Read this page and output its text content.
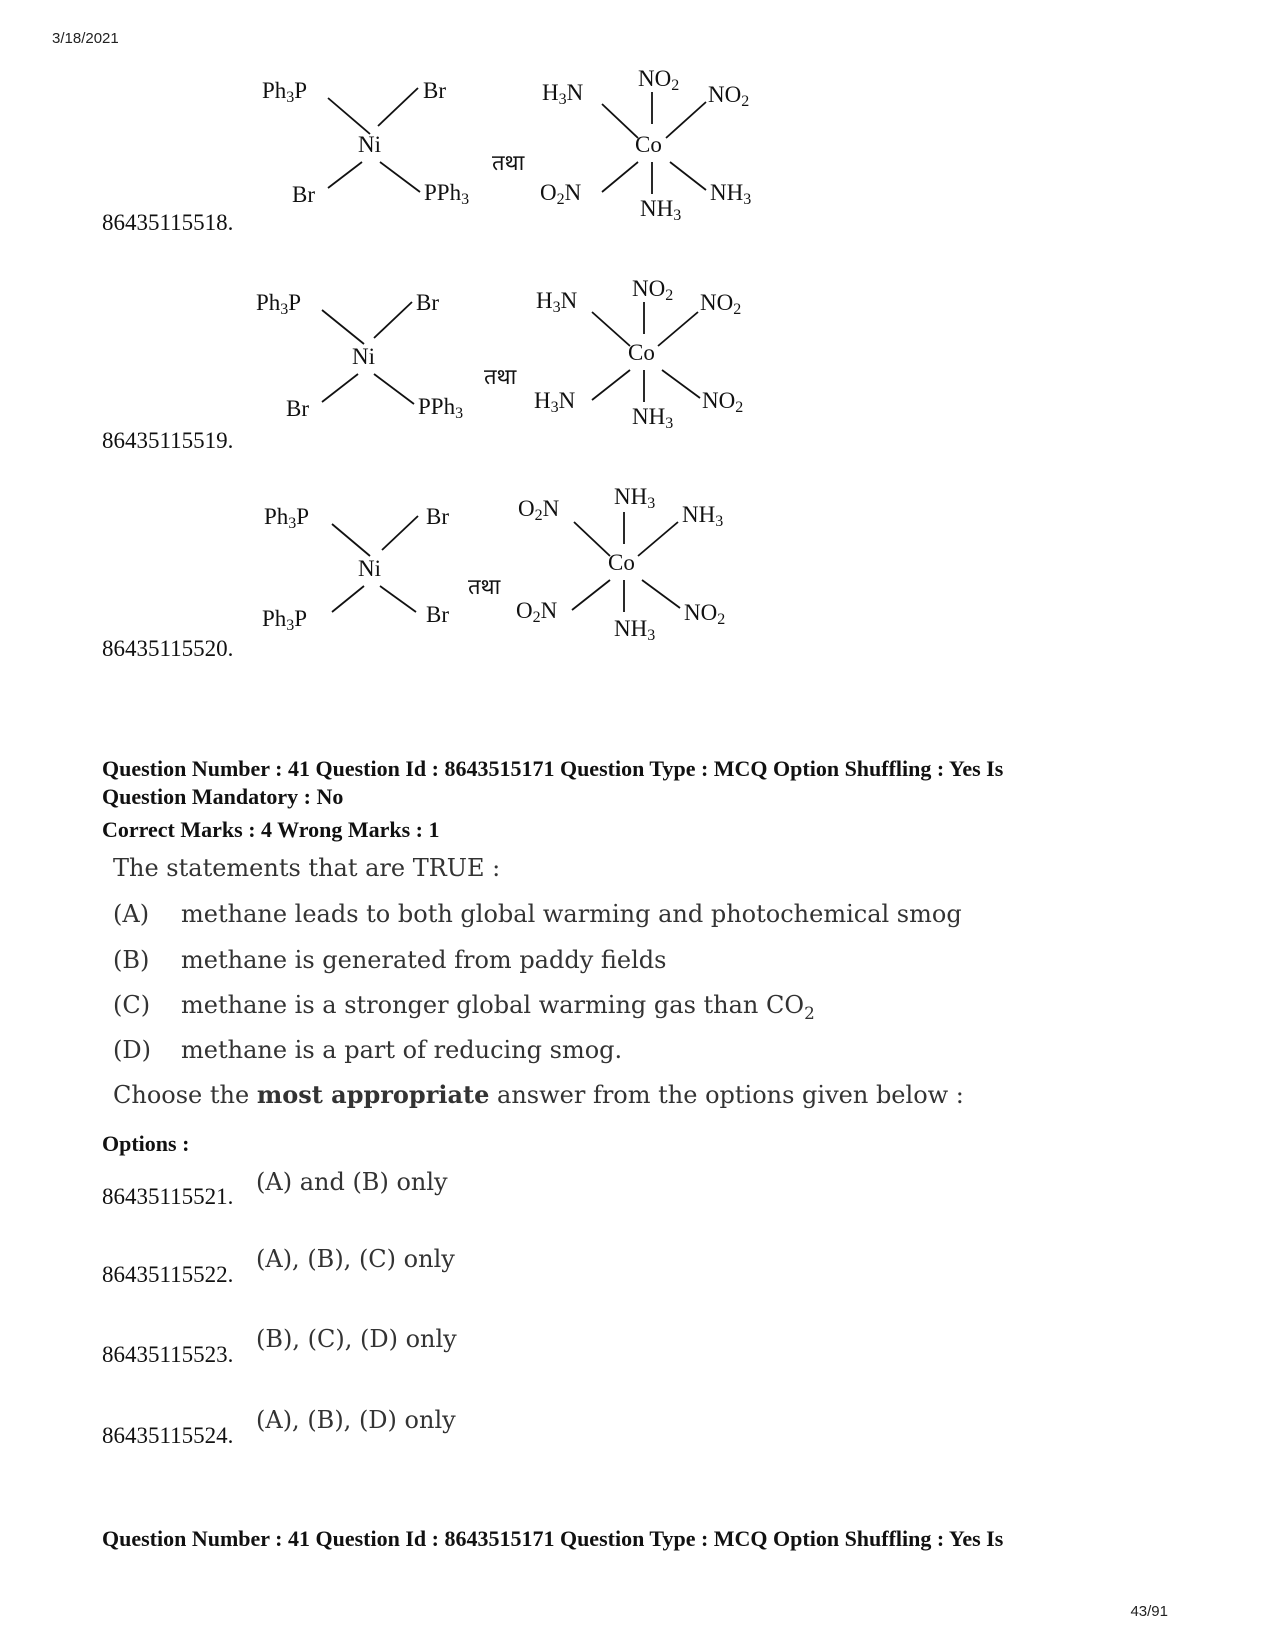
3/18/2021
86435115518.
Ph3P	Br
Ni
Br	PPh3
तथा
NO2
Co
NH3
H3N	NO2
O2N	NH3
86435115519.
Ph3P	Br
Ni
Br	PPh3
तथा
NO2
Co
NH3
H3N	NO2
H3N	NO2
86435115520.
Ph3P	Br
Ni
Ph3P	Br
तथा
NH3
Co
NH3
O2N	NH3
O2N	NO2
Question Number : 41 Question Id : 8643515171 Question Type : MCQ Option Shuffling : Yes Is
Question Mandatory : No
Correct Marks : 4 Wrong Marks : 1
The statements that are TRUE :
(A) methane leads to both global warming and photochemical smog
(B) methane is generated from paddy fields
(C) methane is a stronger global warming gas than $CO_2$
(D) methane is a part of reducing smog.
Choose the most appropriate answer from the options given below :
Options :
86435115521.
(A) and (B) only
86435115522.
(A), (B), (C) only
86435115523.
(B), (C), (D) only
86435115524.
(A), (B), (D) only
Question Number : 41 Question Id : 8643515171 Question Type : MCQ Option Shuffling : Yes Is
43/91
